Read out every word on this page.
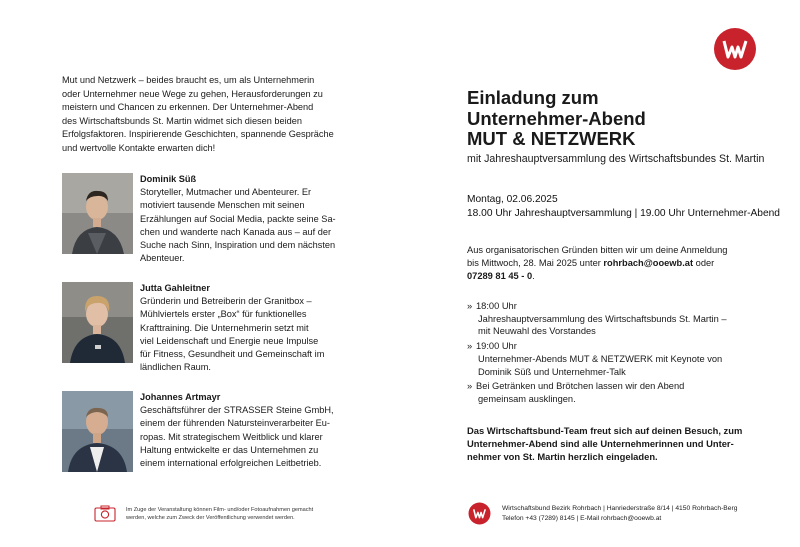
Mut und Netzwerk – beides braucht es, um als Unternehmerin
oder Unternehmer neue Wege zu gehen, Herausforderungen zu
meistern und Chancen zu erkennen. Der Unternehmer-Abend
des Wirtschaftsbunds St. Martin widmet sich diesen beiden
Erfolgsfaktoren. Inspirierende Geschichten, spannende Gespräche
und wertvolle Kontakte erwarten dich!
Dominik Süß
Storyteller, Mutmacher und Abenteurer. Er
motiviert tausende Menschen mit seinen
Erzählungen auf Social Media, packte seine Sa-
chen und wanderte nach Kanada aus – auf der
Suche nach Sinn, Inspiration und dem nächsten
Abenteuer.
Jutta Gahleitner
Gründerin und Betreiberin der Granitbox –
Mühlviertels erster „Box“ für funktionelles
Krafttraining. Die Unternehmerin setzt mit
viel Leidenschaft und Energie neue Impulse
für Fitness, Gesundheit und Gemeinschaft im
ländlichen Raum.
Johannes Artmayr
Geschäftsführer der STRASSER Steine GmbH,
einem der führenden Natursteinverarbeiter Eu-
ropas. Mit strategischem Weitblick und klarer
Haltung entwickelte er das Unternehmen zu
einem international erfolgreichen Leitbetrieb.
Im Zuge der Veranstaltung können Film- und/oder Fotoaufnahmen gemacht
werden, welche zum Zweck der Veröffentlichung verwendet werden.
Einladung zum
Unternehmer-Abend
MUT & NETZWERK
mit Jahreshauptversammlung des Wirtschaftsbundes St. Martin
Montag, 02.06.2025
18.00 Uhr Jahreshauptversammlung | 19.00 Uhr Unternehmer-Abend
Aus organisatorischen Gründen bitten wir um deine Anmeldung
bis Mittwoch, 28. Mai 2025 unter rohrbach@ooewb.at oder
07289 81 45 - 0.
» 18:00 Uhr
Jahreshauptversammlung des Wirtschaftsbunds St. Martin –
mit Neuwahl des Vorstandes
» 19:00 Uhr
Unternehmer-Abends MUT & NETZWERK mit Keynote von
Dominik Süß und Unternehmer-Talk
» Bei Getränken und Brötchen lassen wir den Abend
gemeinsam ausklingen.
Das Wirtschaftsbund-Team freut sich auf deinen Besuch, zum
Unternehmer-Abend sind alle Unternehmerinnen und Unter-
nehmer von St. Martin herzlich eingeladen.
Wirtschaftsbund Bezirk Rohrbach | Hanriederstraße 8/14 | 4150 Rohrbach-Berg
Telefon +43 (7289) 8145 | E-Mail rohrbach@ooewb.at
